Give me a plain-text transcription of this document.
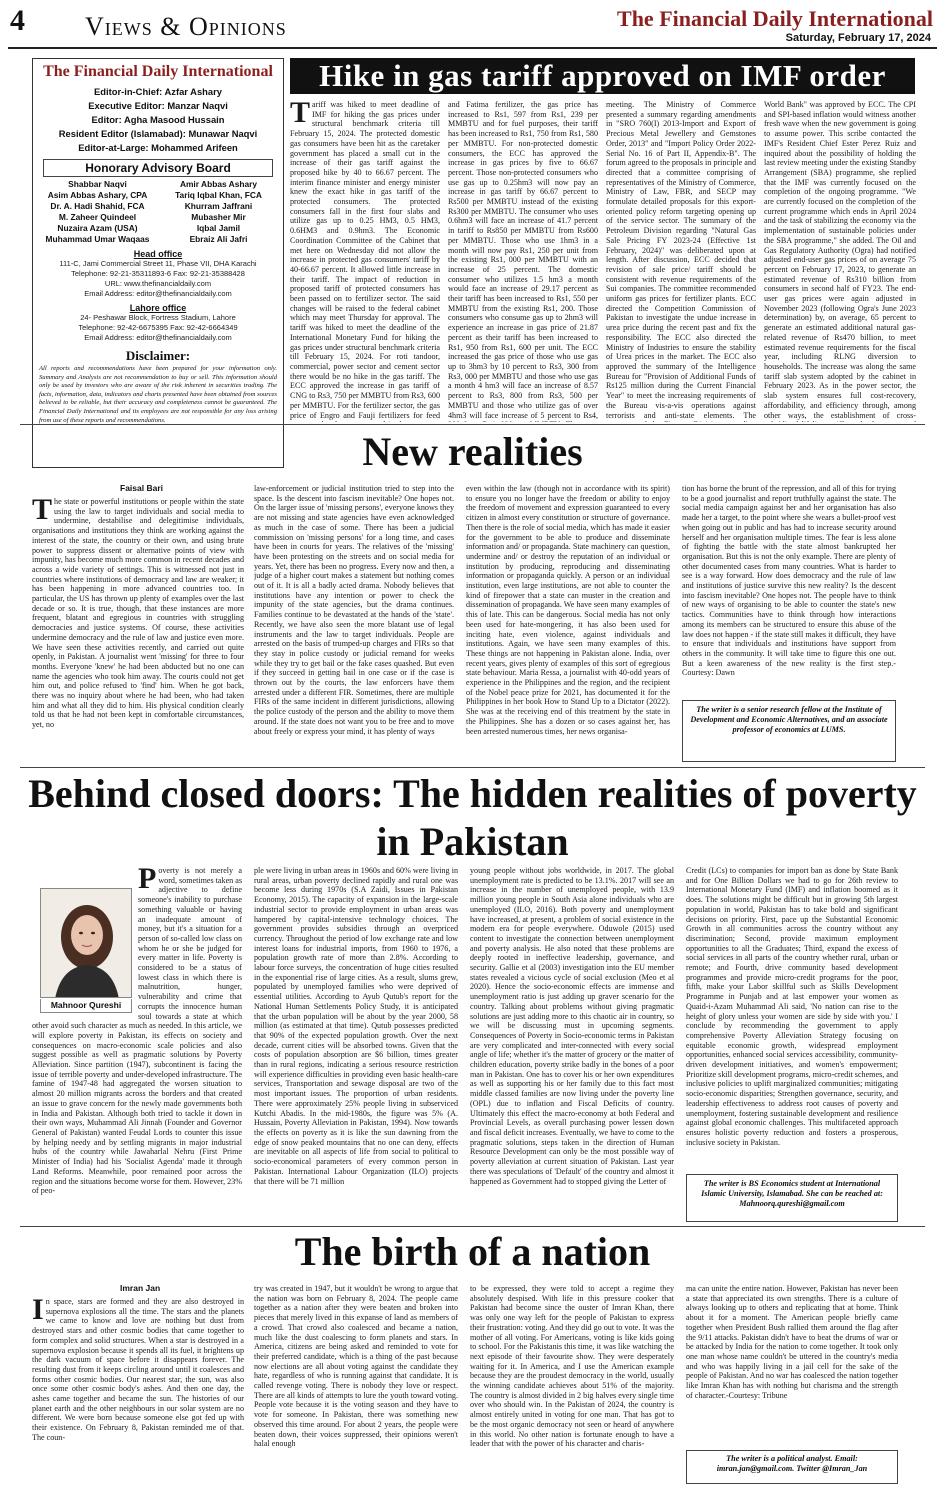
4 Views & Opinions	The Financial Daily International
Saturday, February 17, 2024
The Financial Daily International
Editor-in-Chief: Azfar Ashary
Executive Editor: Manzar Naqvi
Editor: Agha Masood Hussain
Resident Editor (Islamabad): Munawar Naqvi
Editor-at-Large: Mohammed Arifeen
Honorary Advisory Board
Shabbar Naqvi	Amir Abbas Ashary
Asim Abbas Ashary, CPA	Tariq Iqbal Khan, FCA
Dr. A. Hadi Shahid, FCA	Khurram Jaffrani
M. Zaheer Quindeel	Mubasher Mir
Nuzaira Azam (USA)	Iqbal Jamil
Muhammad Umar Waqaas	Ebraiz Ali Jafri
Head office
111-C, Jami Commercial Street 11, Phase VII, DHA Karachi
Telephone: 92-21-35311893-6 Fax: 92-21-35388428
URL: www.thefinancialdaily.com
Email Address: editor@thefinancialdaily.com
Lahore office
24- Peshawar Block, Fortress Stadium, Lahore
Telephone: 92-42-6675395 Fax: 92-42-6664349
Email Address: editor@thefinancialdaily.com
Disclaimer:
All reports and recommendations have been prepared for your information only. Summary and Analysis are not recommendation to buy or sell. This information should only be used by investors who are aware of the risk inherent in securities trading. The facts, information, data, indicators and charts presented have been obtained from sources believed to be reliable, but their accuracy and completeness cannot be guaranteed. The Financial Daily International and its employees are not responsible for any loss arising from use of these reports and recommendations.
Hike in gas tariff approved on IMF order
Tariff was hiked to meet deadline of IMF for hiking the gas prices under structural benchmark criteria till February 15, 2024. The protected domestic gas consumers have been hit as the caretaker government has placed a small cut in the increase of their gas tariff against the proposed hike by 40 to 66.67 percent. The interim finance minister and energy minister knew the exact hike in gas tariff of the protected consumers. The protected consumers fall in the first four slabs and utilize gas up to 0.25 HM3, 0.5 HM3, 0.6HM3 and 0.9hm3. The Economic Coordination Committee of the Cabinet that met here on Wednesday did not allow the increase in protected gas consumers' tariff by 40-66.67 percent. It allowed little increase in their tariff. The impact of reduction in proposed tariff of protected consumers has been passed on to fertilizer sector. The said changes will be raised to the federal cabinet which may meet Thursday for approval. The tariff was hiked to meet the deadline of the International Monetary Fund for hiking the gas prices under structural benchmark criteria till February 15, 2024. For roti tandoor, commercial, power sector and cement sector there would be no hike in the gas tariff. The ECC approved the increase in gas tariff of CNG to Rs3, 750 per MMBTU from Rs3, 600 per MMBTU. For the fertilizer sector, the gas price of Engro and Fauji fertilizers for feed
and Fatima fertilizer, the gas price has increased to Rs1, 597 from Rs1, 239 per MMBTU and for fuel purposes, their tariff has been increased to Rs1, 750 from Rs1, 580 per MMBTU. For non-protected domestic consumers, the ECC has approved the increase in gas prices by five to 66.67 percent. Those non-protected consumers who use gas up to 0.25hm3 will now pay an increase in gas tariff by 66.67 percent to Rs500 per MMBTU instead of the existing Rs300 per MMBTU. The consumer who uses 0.6hm3 will face an increase of 41.7 percent in tariff to Rs850 per MMBTU from Rs600 per MMBTU. Those who use 1hm3 in a month will now pay Rs1, 250 per unit from the existing Rs1, 000 per MMBTU with an increase of 25 percent. The domestic consumer who utilizes 1.5 hm3 a month would face an increase of 29.17 percent as their tariff has been increased to Rs1, 550 per MMBTU from the existing Rs1, 200. Those consumers who consume gas up to 2hm3 will experience an increase in gas price of 21.87 percent as their tariff has been increased to Rs1, 950 from Rs1, 600 per unit. The ECC increased the gas price of those who use gas up to 3hm3 by 10 percent to Rs3, 300 from Rs3, 000 per MMBTU and those who use gas a month 4 hm3 will face an increase of 8.57 percent to Rs3, 800 from Rs3, 500 per MMBTU and those who utilize gas of over 4hm3 will face increase of 5 percent to Rs4,
meeting. The Ministry of Commerce presented a summary regarding amendments in "SRO 760(I) 2013-Import and Export of Precious Metal Jewellery and Gemstones Order, 2013" and "Import Policy Order 2022- Serial No. 16 of Part II, Appendix-B". The forum agreed to the proposals in principle and directed that a committee comprising of representatives of the Ministry of Commerce, Ministry of Law, FBR, and SECP may formulate detailed proposals for this export-oriented policy reform targeting opening up of the service sector. The summary of the Petroleum Division regarding "Natural Gas Sale Pricing FY 2023-24 (Effective 1st February, 2024)" was deliberated upon at length. After discussion, ECC decided that revision of sale price/ tariff should be consistent with revenue requirements of the Sui companies. The committee recommended uniform gas prices for fertilizer plants. ECC directed the Competition Commission of Pakistan to investigate the undue increase in urea price during the recent past and fix the responsibility. The ECC also directed the Ministry of Industries to ensure the stability of Urea prices in the market. The ECC also approved the summary of the Intelligence Bureau for "Provision of Additional Funds of Rs125 million during the Current Financial Year" to meet the increasing requirements of the Bureau vis-a-vis operations against terrorists and anti-state elements. The
World Bank" was approved by ECC. The CPI and SPI-based inflation would witness another fresh wave when the new government is going to assume power. This scribe contacted the IMF's Resident Chief Ester Perez Ruiz and inquired about the possibility of holding the last review meeting under the existing Standby Arrangement (SBA) programme, she replied that the IMF was currently focused on the completion of the ongoing programme. "We are currently focused on the completion of the current programme which ends in April 2024 and the task of stabilizing the economy via the implementation of sustainable policies under the SBA programme," she added. The Oil and Gas Regulatory Authority (Ogra) had notified adjusted end-user gas prices of on average 75 percent on February 17, 2023, to generate an estimated revenue of Rs310 billion from consumers in second half of FY23. The end-user gas prices were again adjusted in November 2023 (following Ogra's June 2023 determination) by, on average, 65 percent to generate an estimated additional natural gas-related revenue of Rs470 billion, to meet estimated revenue requirements for the fiscal year, including RLNG diversion to households. The increase was along the same tariff slab system adopted by the cabinet in February 2023. As in the power sector, the slab system ensures full cost-recovery, affordability, and efficiency through, among other ways, the establishment of cross-
New realities
Faisal Bari
The state or powerful institutions or people within the state using the law to target individuals and social media to undermine, destabilise and delegitimise individuals, organisations and institutions they think are working against the interest of the state, the country or their own, and using brute power to suppress dissent or alternative points of view with impunity, has become much more common in recent decades and across a wide variety of settings. This is witnessed not just in countries where institutions of democracy and law are weaker; it has been happening in more advanced countries too. In particular, the US has thrown up plenty of examples over the last decade or so. It is true, though, that these instances are more frequent, blatant and egregious in countries with struggling democracies and justice systems. Of course, these activities undermine democracy and the rule of law and justice even more. We have seen these activities recently, and carried out quite openly, in Pakistan. A journalist went 'missing' for three to four months. Everyone 'knew' he had been abducted but no one can name the agencies who took him away. The courts could not get him out, and police refused to 'find' him. When he got back, there was no inquiry about where he had been, who had taken him and what all they did to him. His physical condition clearly told us that he had not been kept in comfortable circumstances, yet, no
law-enforcement or judicial institution tried to step into the space. Is the descent into fascism inevitable? One hopes not. On the larger issue of 'missing persons', everyone knows they are not missing and state agencies have even acknowledged as much in the case of some. There has been a judicial commission on 'missing persons' for a long time, and cases have been in courts for years. The relatives of the 'missing' have been protesting on the streets and on social media for years. Yet, there has been no progress. Every now and then, a judge of a higher court makes a statement but nothing comes out of it. It is all a badly acted drama. Nobody believes that institutions have any intention or power to check the impunity of the state agencies, but the drama continues. Families continue to be devastated at the hands of the 'state'. Recently, we have also seen the more blatant use of legal instruments and the law to target individuals. People are arrested on the basis of trumped-up charges and FIRs so that they stay in police custody or judicial remand for weeks while they try to get bail or the fake cases quashed. But even if they succeed in getting bail in one case or if the case is thrown out by the courts, the law enforcers have them arrested under a different FIR. Sometimes, there are multiple FIRs of the same incident in different jurisdictions, allowing the police custody of the person and the ability to move them around. If the state does not want you to be free and to move about freely or express your mind, it has plenty of ways
even within the law (though not in accordance with its spirit) to ensure you no longer have the freedom or ability to enjoy the freedom of movement and expression guaranteed to every citizen in almost every constitution or structure of governance. Then there is the role of social media, which has made it easier for the government to be able to produce and disseminate information and/ or propaganda. State machinery can question, undermine and/ or destroy the reputation of an individual or institution by producing, reproducing and disseminating information or propaganda quickly. A person or an individual institution, even large institutions, are not able to counter the kind of firepower that a state can muster in the creation and dissemination of propaganda. We have seen many examples of this of late. This can be dangerous. Social media has not only been used for hate-mongering, it has also been used for inciting hate, even violence, against individuals and institutions. Again, we have seen many examples of this. These things are not happening in Pakistan alone. India, over recent years, gives plenty of examples of this sort of egregious state behaviour. Maria Ressa, a journalist with 40-odd years of experience in the Philippines and the region, and the recipient of the Nobel peace prize for 2021, has documented it for the Philippines in her book How to Stand Up to a Dictator (2022). She was at the receiving end of this treatment by the state in the Philippines. She has a dozen or so cases against her, has been arrested numerous times, her news organisa-
tion has borne the brunt of the repression, and all of this for trying to be a good journalist and report truthfully against the state. The social media campaign against her and her organisation has also made her a target, to the point where she wears a bullet-proof vest when going out in public and has had to increase security around herself and her organisation multiple times. The fear is less alone of fighting the battle with the state almost bankrupted her organisation. But this is not the only example. There are plenty of other documented cases from many countries. What is harder to see is a way forward. How does democracy and the rule of law and institutions of justice survive this new reality? Is the descent into fascism inevitable? One hopes not. The people have to think of new ways of organising to be able to counter the state's new tactics. Communities have to think through how interactions among its members can be structured to ensure this abuse of the law does not happen - if the state still makes it difficult, they have to ensure that individuals and institutions have support from others in the community. It will take time to figure this one out. But a keen awareness of the new reality is the first step.-Courtesy: Dawn
The writer is a senior research fellow at the Institute of Development and Economic Alternatives, and an associate professor of economics at LUMS.
Behind closed doors: The hidden realities of poverty in Pakistan
Mahnoor Qureshi
Poverty is not merely a word, sometimes taken as adjective to define someone's inability to purchase something valuable or having an inadequate amount of money, but it's a situation for a person of so-called low class on whom he or she be judged for every matter in life. Poverty is considered to be a status of lowest class in which there is malnutrition, hunger, vulnerability and crime that corrupts the innocence human soul towards a state at which other avoid such character as much as needed. In this article, we will explore poverty in Pakistan, its effects on society and consequences on macro-economic scale policies and also suggest possible as well as pragmatic solutions by Poverty Alleviation. Since partition (1947), subcontinent is facing the issue of terrible poverty and under-developed infrastructure. The famine of 1947-48 had aggregated the worsen situation to almost 20 million migrants across the borders and that created an issue to grave concern for the newly made governments both in India and Pakistan. Although both tried to tackle it down in their own ways, Muhammad Ali Jinnah (Founder and Governor General of Pakistan) wanted Feudal Lords to counter this issue by helping needy and by settling migrants in major industrial hubs of the country while Jawaharlal Nehru (First Prime Minister of India) had his 'Socialist Agenda' made it through Land Reforms. Meanwhile, poor remained poor across the region and the situations become worse for them. However, 23% of peo-
ple were living in urban areas in 1960s and 60% were living in rural areas, urban poverty declined rapidly and rural one was become less during 1970s (S.A Zaidi, Issues in Pakistan Economy, 2015). The capacity of expansion in the large-scale industrial sector to provide employment in urban areas was hampered by capital-intensive technology choices. The government provides subsidies through an overpriced currency. Throughout the period of low exchange rate and low interest loans for industrial imports, from 1960 to 1976, a population growth rate of more than 2.8%. According to labour force surveys, the concentration of huge cities resulted in the exponential rise of large cities. As a result, slums grew, populated by unemployed families who were deprived of essential utilities. According to Ayub Qutub's report for the National Human Settlements Policy Study, it is anticipated that the urban population will be about by the year 2000, 58 million (as estimated at that time). Qutub possesses predicted that 90% of the expected population growth. Over the next decade, current cities will be absorbed towns. Given that the costs of population absorption are $6 billion, times greater than in rural regions, indicating a serious resource restriction will experience difficulties in providing even basic health-care services, Transportation and sewage disposal are two of the most important issues. The proportion of urban residents. There were approximately 25% people living in subserviced Kutchi Abadis. In the mid-1980s, the figure was 5% (A. Hussain, Poverty Alleviation in Pakistan, 1994). Now towards the effects on poverty as it is like the sun dawning from the edge of snow peaked mountains that no one can deny, effects are inevitable on all aspects of life from social to political to socio-economical parameters of every common person in Pakistan. International Labour Organization (ILO) projects that there will be 71 million
young people without jobs worldwide, in 2017. The global unemployment rate is predicted to be 13.1%. 2017 will see an increase in the number of unemployed people, with 13.9 million young people in South Asia alone individuals who are unemployed (ILO, 2016). Both poverty and unemployment have increased, at present, a problem of social existence in the modern era for people everywhere. Oduwole (2015) used content to investigate the connection between unemployment and poverty analysis. He also noted that these problems are deeply rooted in ineffective leadership, governance, and security. Gallie et al (2003) investigation into the EU member states revealed a vicious cycle of social exclusion (Meo et al 2020). Hence the socio-economic effects are immense and unemployment ratio is just adding up graver scenario for the country. Talking about problems without giving pragmatic solutions are just adding more to this chaotic air in country, so we will be discussing must in upcoming segments. Consequences of Poverty in Socio-economic terms in Pakistan are very complicated and inter-connected with every social angle of life; whether it's the matter of grocery or the matter of children education, poverty strike badly in the bones of a poor man in Pakistan. One has to cover his or her own expenditures as well as supporting his or her family due to this fact most middle classed families are now living under the poverty line (OPL) due to inflation and Fiscal Deficits of country. Ultimately this effect the macro-economy at both Federal and Provincial Levels, as overall purchasing power lessen down and fiscal deficit increases. Eventually, we have to come to the pragmatic solutions, steps taken in the direction of Human Resource Development can only be the most possible way of poverty alleviation at current situation of Pakistan. Last year there was speculations of 'Default' of the country and almost it happened as Government had to stopped giving the Letter of
Credit (LCs) to companies for import ban as done by State Bank and for One Billion Dollars we had to go for 26th review to International Monetary Fund (IMF) and inflation boomed as it does. The solutions might be difficult but in growing 5th largest population in world, Pakistan has to take bold and significant decisions on priority. First, pace up the Substantial Economic Growth in all communities across the country without any discrimination; Second, provide maximum employment opportunities to all the Graduates; Third, expand the excess of social services in all parts of the country whether rural, urban or remote; and Fourth, drive community based development programmes and provide micro-credit programs for the poor, fifth, make your Labor skillful such as Skills Development Programme in Punjab and at last empower your women as Quaid-i-Azam Muhammad Ali said, 'No nation can rise to the height of glory unless your women are side by side with you.' I conclude by recommending the government to apply comprehensive Poverty Alleviation Strategy focusing on equitable economic growth, widespread employment opportunities, enhanced social services accessibility, community-driven development initiatives, and women's empowerment; Prioritize skill development programs, micro-credit schemes, and inclusive policies to uplift marginalized communities; mitigating socio-economic disparities; Strengthen governance, security, and leadership effectiveness to address root causes of poverty and unemployment, fostering sustainable development and resilience against global economic challenges. This multifaceted approach ensures holistic poverty reduction and fosters a prosperous, inclusive society in Pakistan.
The writer is BS Economics student at International Islamic University, Islamabad. She can be reached at: Mahnoorq.qureshi@gmail.com
The birth of a nation
Imran Jan
In space, stars are formed and they are also destroyed in supernova explosions all the time. The stars and the planets we came to know and love are nothing but dust from destroyed stars and other cosmic bodies that came together to form complex and solid structures. When a star is destroyed in a supernova explosion because it spends all its fuel, it brightens up the dark vacuum of space before it disappears forever. The resulting dust from it keeps circling around until it coalesces and forms other cosmic bodies. Our nearest star, the sun, was also once some other cosmic body's ashes. And then one day, the ashes came together and became the sun. The histories of our planet earth and the other neighbours in our solar system are no different. We were born because someone else got fed up with their existence. On February 8, Pakistan reminded me of that. The coun-
try was created in 1947, but it wouldn't be wrong to argue that the nation was born on February 8, 2024. The people came together as a nation after they were beaten and broken into pieces that merely lived in this expanse of land as members of a crowd. That crowd also coalesced and became a nation, much like the dust coalescing to form planets and stars. In America, citizens are being asked and reminded to vote for their preferred candidate, which is a thing of the past because now elections are all about voting against the candidate they hate, regardless of who is running against that candidate. It is called revenge voting. There is nobody they love or respect. There are all kinds of attempts to lure the youth toward voting. People vote because it is the voting season and they have to vote for someone. In Pakistan, there was something new observed this time around. For about 2 years, the people were beaten down, their voices suppressed, their opinions weren't halal enough
to be expressed, they were told to accept a regime they absolutely despised. With life in this pressure cooker that Pakistan had become since the ouster of Imran Khan, there was only one way left for the people of Pakistan to express their frustration: voting. And they did go out to vote. It was the mother of all voting. For Americans, voting is like kids going to school. For the Pakistanis this time, it was like watching the next episode of their favourite show. They were desperately waiting for it. In America, and I use the American example because they are the proudest democracy in the world, usually the winning candidate achieves about 51% of the majority. The country is almost divided in 2 big halves every single time over who should win. In the Pakistan of 2024, the country is almost entirely united in voting for one man. That has got to be the most organic democracy not seen or heard of anywhere in this world. No other nation is fortunate enough to have a leader that with the power of his character and charis-
ma can unite the entire nation. However, Pakistan has never been a state that appreciated its own strengths. There is a culture of always looking up to others and replicating that at home. Think about it for a moment. The American people briefly came together when President Bush rallied them around the flag after the 9/11 attacks. Pakistan didn't have to beat the drums of war or be attacked by India for the nation to come together. It took only one man whose name couldn't be uttered in the country's media and who was happily living in a jail cell for the sake of the people of Pakistan. And no war has coalesced the nation together like Imran Khan has with nothing but charisma and the strength of character.-Courtesy: Tribune
The writer is a political analyst. Email: imran.jan@gmail.com. Twitter @Imran_Jan
